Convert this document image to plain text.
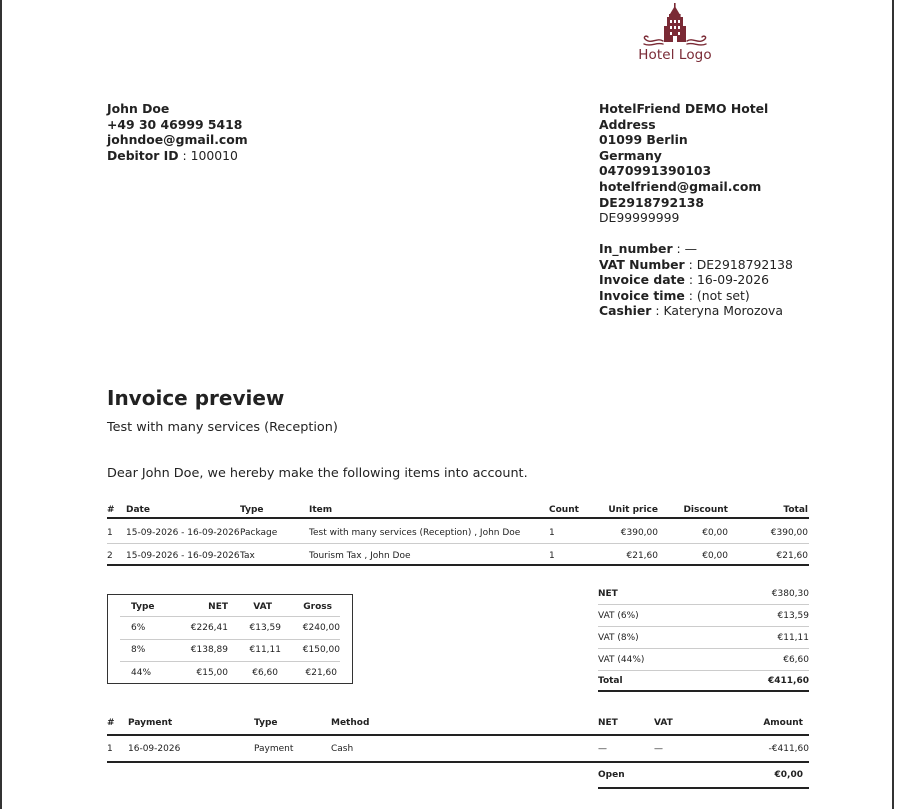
Hotel Logo
John Doe
+49 30 46999 5418
johndoe@gmail.com
Debitor ID : 100010
HotelFriend DEMO Hotel
Address
01099 Berlin
Germany
0470991390103
hotelfriend@gmail.com
DE2918792138
DE99999999
In_number : —
VAT Number : DE2918792138
Invoice date : 16-09-2026
Invoice time : (not set)
Cashier : Kateryna Morozova
Invoice preview
Test with many services (Reception)
Dear John Doe, we hereby make the following items into account.
# Date	Type	Item	Count	Unit price	Discount	Total
1 15-09-2026 - 16-09-2026 Package	Test with many services (Reception) , John Doe	1	€390,00	€0,00	€390,00
2 15-09-2026 - 16-09-2026 Tax	Tourism Tax , John Doe	1	€21,60	€0,00	€21,60
Type	NET	VAT	Gross
6%	€226,41	€13,59	€240,00
8%	€138,89	€11,11	€150,00
44%	€15,00	€6,60	€21,60
NET	€380,30
VAT (6%)	€13,59
VAT (8%)	€11,11
VAT (44%)	€6,60
Total	€411,60
# Payment	Type	Method	NET	VAT	Amount
1 16-09-2026	Payment	Cash	—	—	-€411,60
Open	€0,00
